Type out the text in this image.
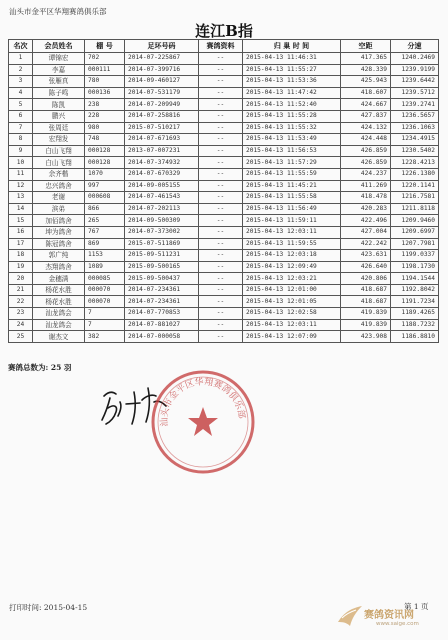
汕头市金平区华翔赛鸽俱乐部
连江B指
名次	会员姓名	棚 号	足环号码	赛鸽资料	归 巢 时 间	空距	分速
1	谭锦宏	702	2014-07-225867	--	2015-04-13 11:46:31	417.365	1240.2469
2	李嘉	000111	2014-07-399716	--	2015-04-13 11:55:27	428.339	1239.9199
3	张雁真	780	2014-09-460127	--	2015-04-13 11:53:36	425.943	1239.6442
4	陈子鸣	000136	2014-07-531179	--	2015-04-13 11:47:42	418.607	1239.5712
5	陈凯	238	2014-07-209949	--	2015-04-13 11:52:40	424.667	1239.2741
6	鹏兴	228	2014-07-258816	--	2015-04-13 11:55:28	427.837	1236.5657
7	张周廷	980	2015-07-510217	--	2015-04-13 11:55:32	424.132	1236.1063
8	宏翔发	748	2014-07-671693	--	2015-04-13 11:53:49	424.448	1234.4915
9	白山飞翔	000128	2013-07-007231	--	2015-04-13 11:56:53	426.859	1230.5402
10	白山飞翔	000128	2014-07-374932	--	2015-04-13 11:57:29	426.859	1228.4213
11	余齐楷	1070	2014-07-670329	--	2015-04-13 11:55:59	424.237	1226.1380
12	忠兴鸽舍	997	2014-09-005155	--	2015-04-13 11:45:21	411.269	1220.1141
13	老谢	000608	2014-07-461543	--	2015-04-13 11:55:58	418.478	1216.7581
14	滨弟	866	2014-07-202113	--	2015-04-13 11:56:49	420.283	1211.8118
15	加佰鸽舍	265	2014-09-500309	--	2015-04-13 11:59:11	422.496	1209.9460
16	坤为鸽舍	767	2014-07-373002	--	2015-04-13 12:03:11	427.004	1209.6997
17	陈冠鸽舍	869	2015-07-511869	--	2015-04-13 11:59:55	422.242	1207.7981
18	郭广纯	1153	2015-09-511231	--	2015-04-13 12:03:18	423.631	1199.0337
19	杰翔鸽舍	1089	2015-09-500165	--	2015-04-13 12:09:49	426.640	1198.1730
20	金穗满	000085	2015-09-500437	--	2015-04-13 12:03:21	420.806	1194.1544
21	杨花水胜	000070	2014-07-234361	--	2015-04-13 12:01:00	418.687	1192.8042
22	杨花水胜	000070	2014-07-234361	--	2015-04-13 12:01:05	418.687	1191.7234
23	汕龙鸽会	7	2014-07-770853	--	2015-04-13 12:02:58	419.839	1189.4265
24	汕龙鸽会	7	2014-07-881027	--	2015-04-13 12:03:11	419.839	1188.7232
25	谢杰文	382	2014-07-000058	--	2015-04-13 12:07:09	423.908	1186.8810
赛鸽总数为: 25 羽
汕头市金平区华翔赛鸽俱乐部
赛鸽资讯网
www.saige.com
打印时间: 2015-04-15	第 1 页
